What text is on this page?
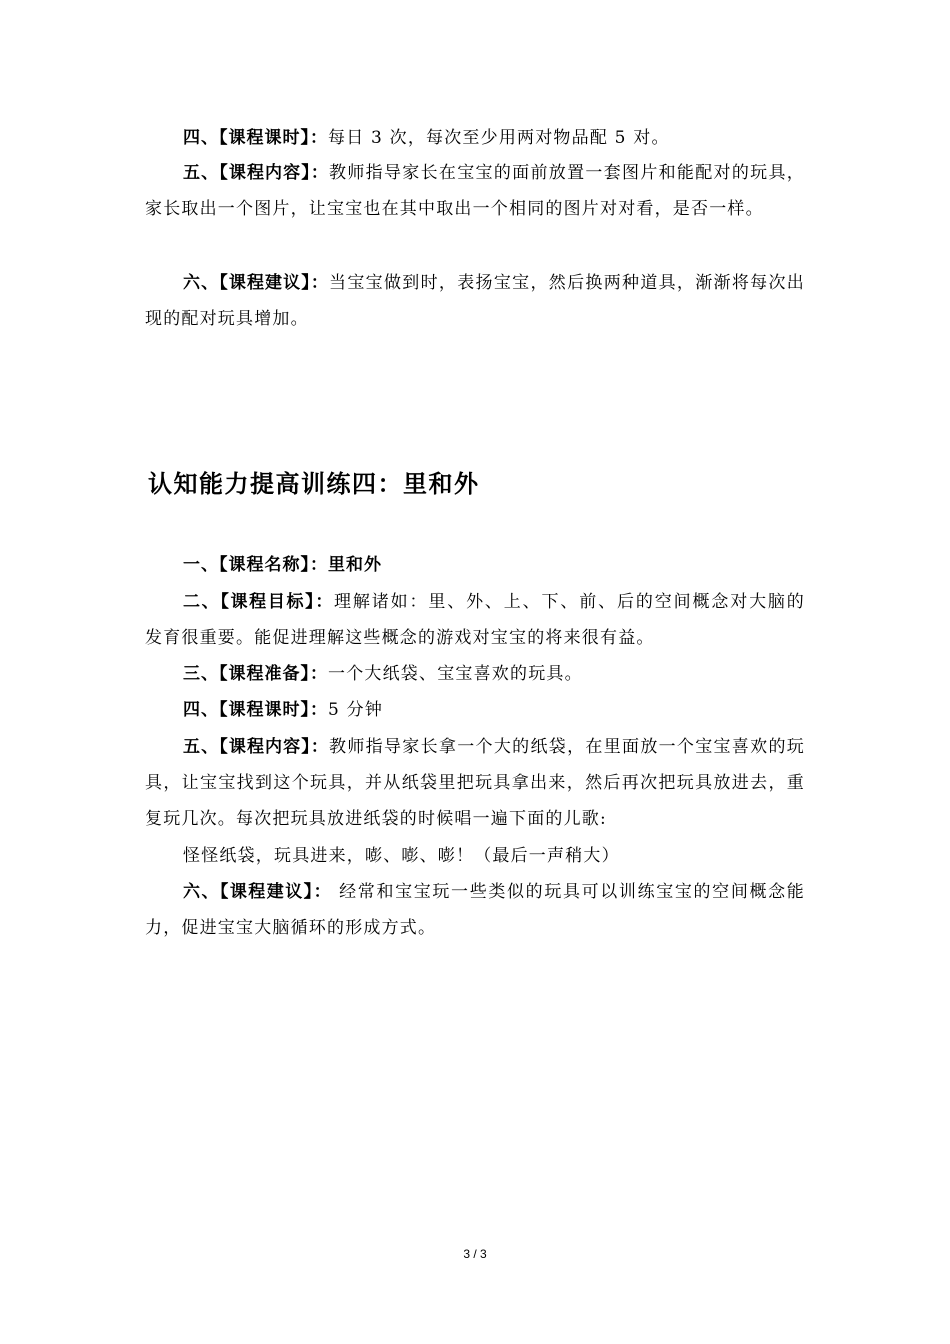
四、【课程课时】：每日 3 次，每次至少用两对物品配 5 对。

五、【课程内容】：教师指导家长在宝宝的面前放置一套图片和能配对的玩具，家长取出一个图片，让宝宝也在其中取出一个相同的图片对对看，是否一样。

六、【课程建议】：当宝宝做到时，表扬宝宝，然后换两种道具，渐渐将每次出现的配对玩具增加。

认知能力提高训练四：里和外

一、【课程名称】：里和外

二、【课程目标】：理解诸如：里、外、上、下、前、后的空间概念对大脑的 发育很重要。能促进理解这些概念的游戏对宝宝的将来很有益。

三、【课程准备】：一个大纸袋、宝宝喜欢的玩具。

四、【课程课时】：5 分钟

五、【课程内容】：教师指导家长拿一个大的纸袋，在里面放一个宝宝喜欢的玩具，让宝宝找到这个玩具，并从纸袋里把玩具拿出来，然后再次把玩具放进去，重复玩几次。每次把玩具放进纸袋的时候唱一遍下面的儿歌:

怪怪纸袋，玩具进来，嘭、嘭、嘭！（最后一声稍大）

六、【课程建议】： 经常和宝宝玩一些类似的玩具可以训练宝宝的空间概念能力，促进宝宝大脑循环的形成方式。

3 / 3
